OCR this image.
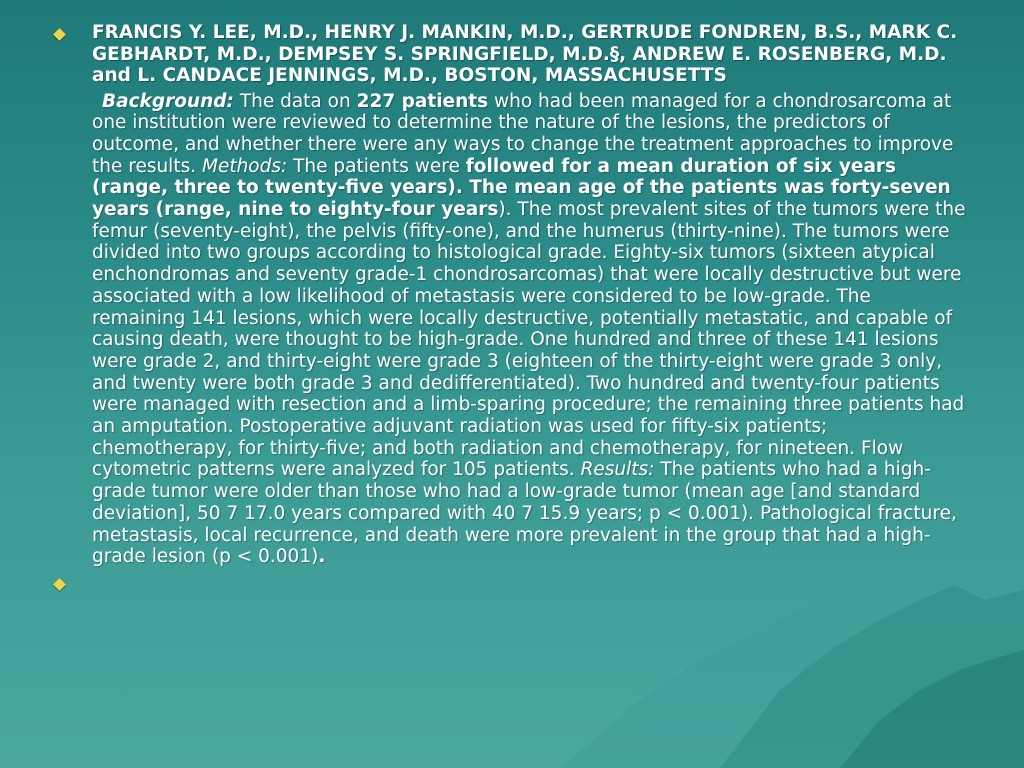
FRANCIS Y. LEE, M.D., HENRY J. MANKIN, M.D., GERTRUDE FONDREN, B.S., MARK C. GEBHARDT, M.D., DEMPSEY S. SPRINGFIELD, M.D.§, ANDREW E. ROSENBERG, M.D. and L. CANDACE JENNINGS, M.D., BOSTON, MASSACHUSETTS
Background: The data on 227 patients who had been managed for a chondrosarcoma at one institution were reviewed to determine the nature of the lesions, the predictors of outcome, and whether there were any ways to change the treatment approaches to improve the results. Methods: The patients were followed for a mean duration of six years (range, three to twenty-five years). The mean age of the patients was forty-seven years (range, nine to eighty-four years). The most prevalent sites of the tumors were the femur (seventy-eight), the pelvis (fifty-one), and the humerus (thirty-nine). The tumors were divided into two groups according to histological grade. Eighty-six tumors (sixteen atypical enchondromas and seventy grade-1 chondrosarcomas) that were locally destructive but were associated with a low likelihood of metastasis were considered to be low-grade. The remaining 141 lesions, which were locally destructive, potentially metastatic, and capable of causing death, were thought to be high-grade. One hundred and three of these 141 lesions were grade 2, and thirty-eight were grade 3 (eighteen of the thirty-eight were grade 3 only, and twenty were both grade 3 and dedifferentiated). Two hundred and twenty-four patients were managed with resection and a limb-sparing procedure; the remaining three patients had an amputation. Postoperative adjuvant radiation was used for fifty-six patients; chemotherapy, for thirty-five; and both radiation and chemotherapy, for nineteen. Flow cytometric patterns were analyzed for 105 patients. Results: The patients who had a high-grade tumor were older than those who had a low-grade tumor (mean age [and standard deviation], 50 7 17.0 years compared with 40 7 15.9 years; p < 0.001). Pathological fracture, metastasis, local recurrence, and death were more prevalent in the group that had a high-grade lesion (p < 0.001).
